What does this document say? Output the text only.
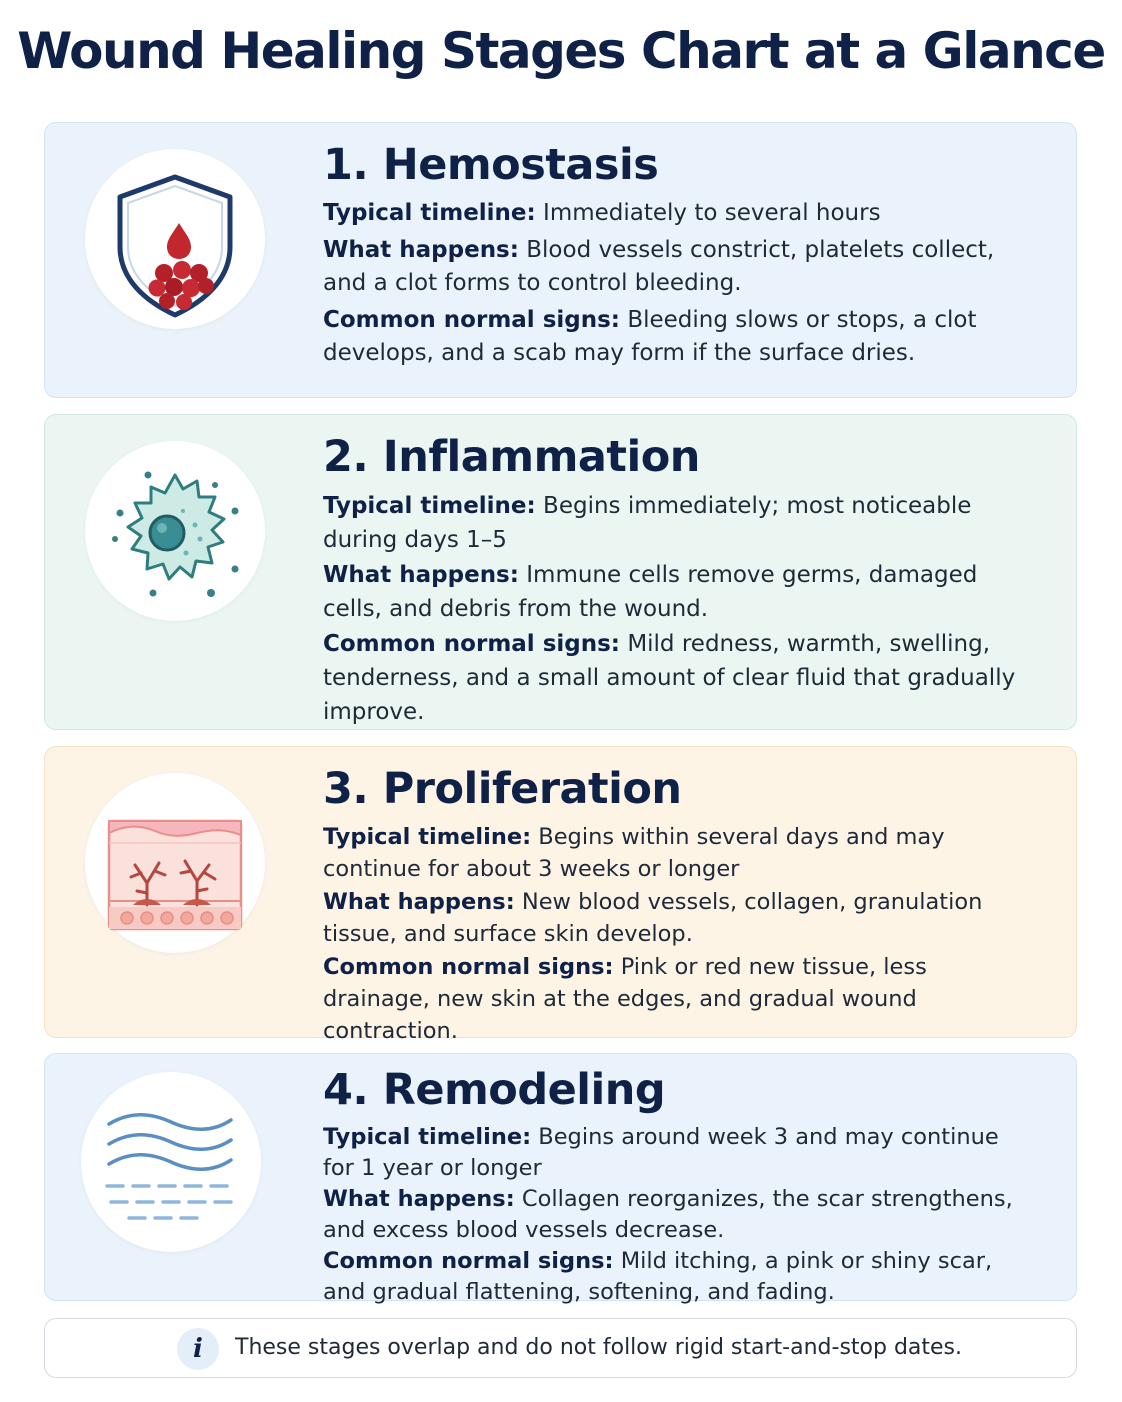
Wound Healing Stages Chart at a Glance
1. Hemostasis
Typical timeline: Immediately to several hours
What happens: Blood vessels constrict, platelets collect, and a clot forms to control bleeding.
Common normal signs: Bleeding slows or stops, a clot develops, and a scab may form if the surface dries.
2. Inflammation
Typical timeline: Begins immediately; most noticeable during days 1–5
What happens: Immune cells remove germs, damaged cells, and debris from the wound.
Common normal signs: Mild redness, warmth, swelling, tenderness, and a small amount of clear fluid that gradually improve.
3. Proliferation
Typical timeline: Begins within several days and may continue for about 3 weeks or longer
What happens: New blood vessels, collagen, granulation tissue, and surface skin develop.
Common normal signs: Pink or red new tissue, less drainage, new skin at the edges, and gradual wound contraction.
4. Remodeling
Typical timeline: Begins around week 3 and may continue for 1 year or longer
What happens: Collagen reorganizes, the scar strengthens, and excess blood vessels decrease.
Common normal signs: Mild itching, a pink or shiny scar, and gradual flattening, softening, and fading.
i	These stages overlap and do not follow rigid start-and-stop dates.
